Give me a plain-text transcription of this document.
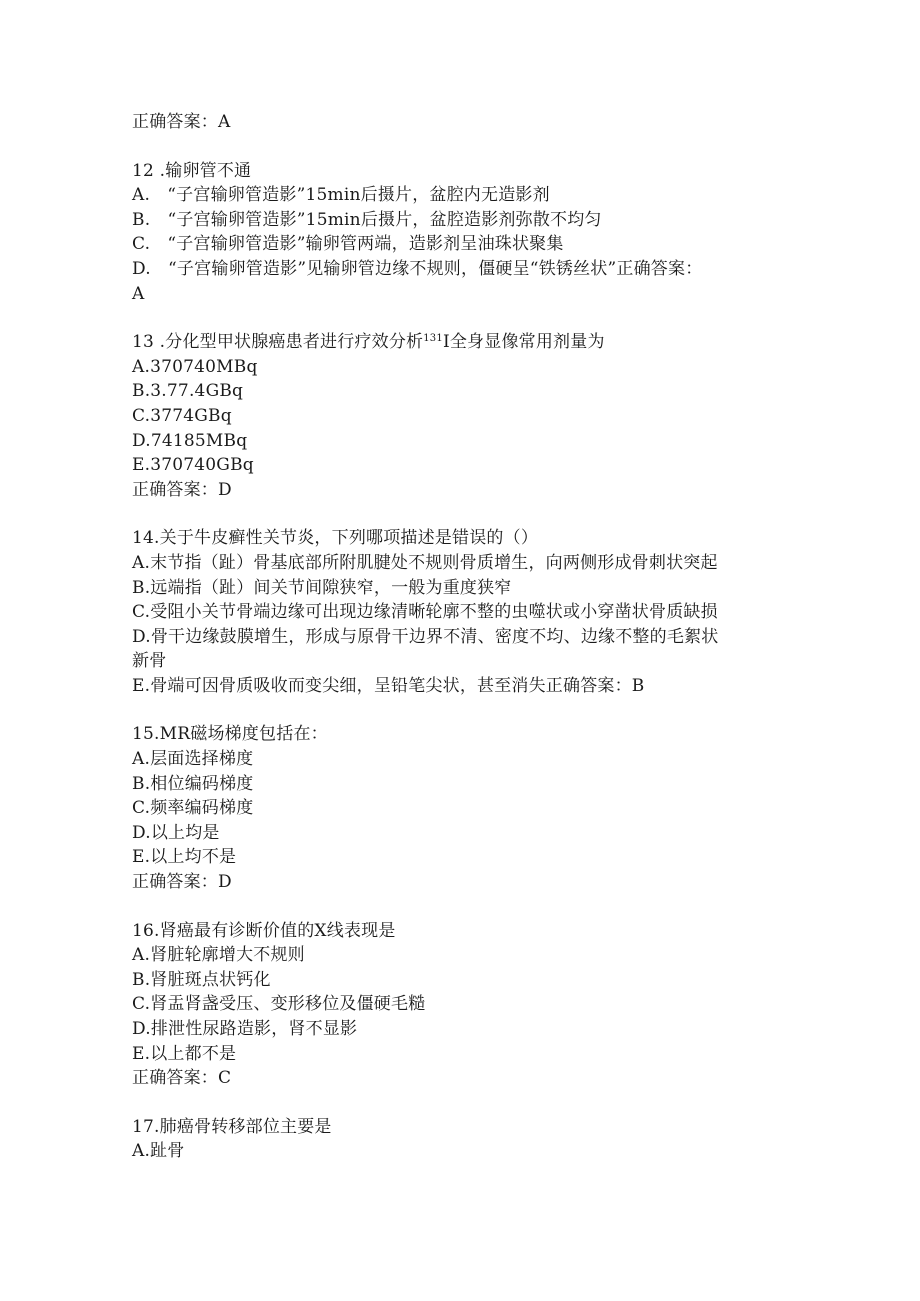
正确答案：A
12 .输卵管不通
A.　“子宫输卵管造影”15min后摄片，盆腔内无造影剂
B.　“子宫输卵管造影”15min后摄片，盆腔造影剂弥散不均匀
C.　“子宫输卵管造影”输卵管两端，造影剂呈油珠状聚集
D.　“子宫输卵管造影”见输卵管边缘不规则，僵硬呈“铁锈丝状”正确答案：
A
13 .分化型甲状腺癌患者进行疗效分析$^{131}$I全身显像常用剂量为
A.370740MBq
B.3.77.4GBq
C.3774GBq
D.74185MBq
E.370740GBq
正确答案：D
14.关于牛皮癣性关节炎，下列哪项描述是错误的（）
A.末节指（趾）骨基底部所附肌腱处不规则骨质增生，向两侧形成骨刺状突起
B.远端指（趾）间关节间隙狭窄，一般为重度狭窄
C.受阻小关节骨端边缘可出现边缘清晰轮廓不整的虫噬状或小穿凿状骨质缺损
D.骨干边缘鼓膜增生，形成与原骨干边界不清、密度不均、边缘不整的毛絮状
新骨
E.骨端可因骨质吸收而变尖细，呈铅笔尖状，甚至消失正确答案：B
15.MR磁场梯度包括在：
A.层面选择梯度
B.相位编码梯度
C.频率编码梯度
D.以上均是
E.以上均不是
正确答案：D
16.肾癌最有诊断价值的X线表现是
A.肾脏轮廓增大不规则
B.肾脏斑点状钙化
C.肾盂肾盏受压、变形移位及僵硬毛糙
D.排泄性尿路造影，肾不显影
E.以上都不是
正确答案：C
17.肺癌骨转移部位主要是
A.趾骨
